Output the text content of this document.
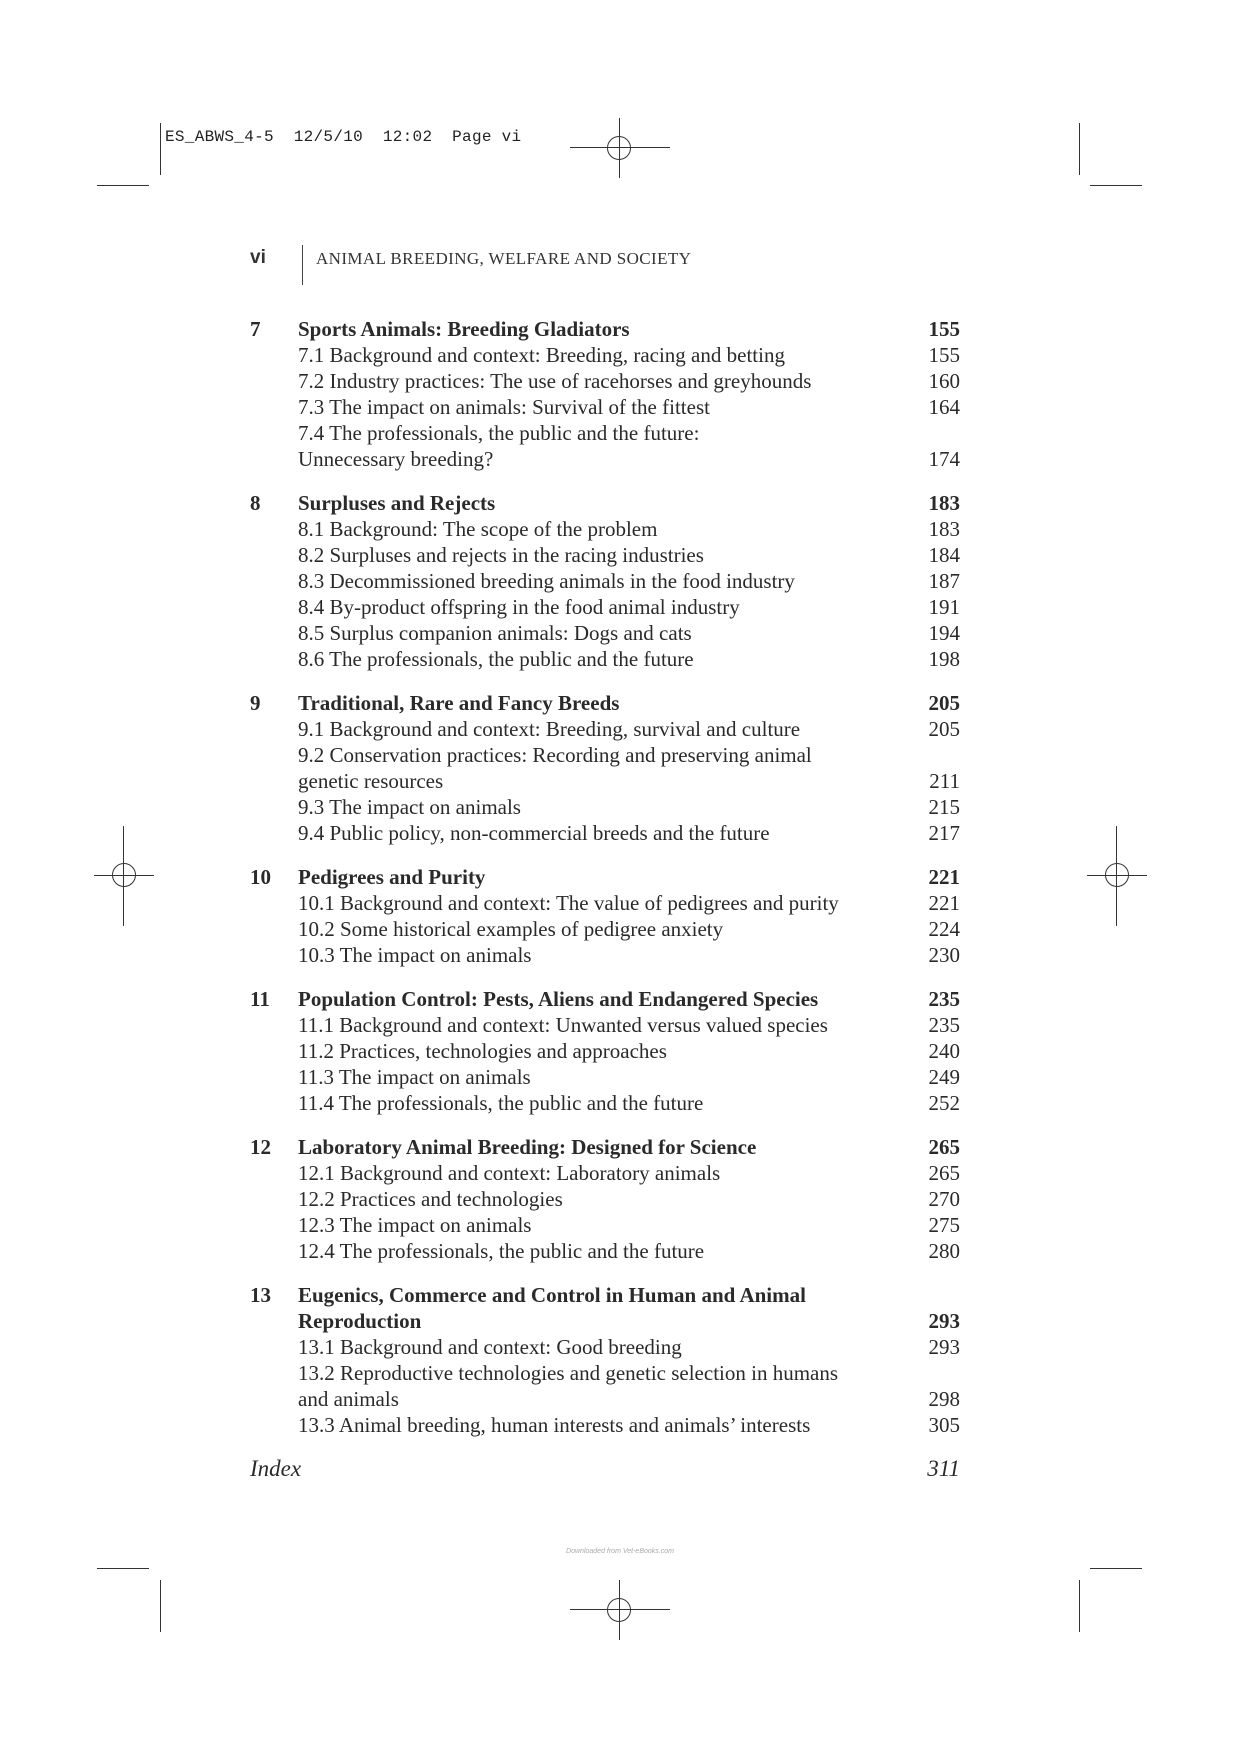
ES_ABWS_4-5  12/5/10  12:02  Page vi
vi	ANIMAL BREEDING, WELFARE AND SOCIETY
7 Sports Animals: Breeding Gladiators	155
7.1 Background and context: Breeding, racing and betting	155
7.2 Industry practices: The use of racehorses and greyhounds	160
7.3 The impact on animals: Survival of the fittest	164
7.4 The professionals, the public and the future:
Unnecessary breeding?	174
8 Surpluses and Rejects	183
8.1 Background: The scope of the problem	183
8.2 Surpluses and rejects in the racing industries	184
8.3 Decommissioned breeding animals in the food industry	187
8.4 By-product offspring in the food animal industry	191
8.5 Surplus companion animals: Dogs and cats	194
8.6 The professionals, the public and the future	198
9 Traditional, Rare and Fancy Breeds	205
9.1 Background and context: Breeding, survival and culture	205
9.2 Conservation practices: Recording and preserving animal
genetic resources	211
9.3 The impact on animals	215
9.4 Public policy, non-commercial breeds and the future	217
10 Pedigrees and Purity	221
10.1 Background and context: The value of pedigrees and purity	221
10.2 Some historical examples of pedigree anxiety	224
10.3 The impact on animals	230
11 Population Control: Pests, Aliens and Endangered Species	235
11.1 Background and context: Unwanted versus valued species	235
11.2 Practices, technologies and approaches	240
11.3 The impact on animals	249
11.4 The professionals, the public and the future	252
12 Laboratory Animal Breeding: Designed for Science	265
12.1 Background and context: Laboratory animals	265
12.2 Practices and technologies	270
12.3 The impact on animals	275
12.4 The professionals, the public and the future	280
13 Eugenics, Commerce and Control in Human and Animal
Reproduction	293
13.1 Background and context: Good breeding	293
13.2 Reproductive technologies and genetic selection in humans
and animals	298
13.3 Animal breeding, human interests and animals’ interests	305
Index	311
Downloaded from Vet-eBooks.com
